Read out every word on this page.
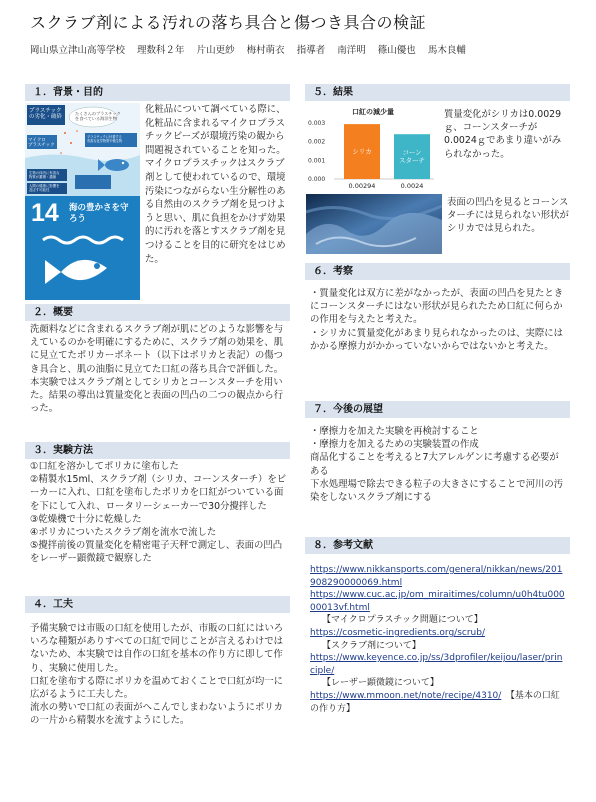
スクラブ剤による汚れの落ち具合と傷つき具合の検証
岡山県立津山高等学校 理数科２年 片山更紗 梅村萌衣 指導者 南洋明 篠山優也 馬木良輔
１．背景・目的
プラスチックの劣化・破砕
たくさんのプラスチックを食べている海洋生物
マイクロプラスチック
プラスチックに付着する有害な化学物質や微生物
生物の体内に有害な物質が蓄積・濃縮
人間の健康に影響を及ぼす可能性
14 海の豊かさを守ろう
化粧品について調べている際に、化粧品に含まれるマイクロプラスチックビーズが環境汚染の観から問題視されていることを知った。マイクロプラスチックはスクラブ剤として使われているので、環境汚染につながらない生分解性のある自然由のスクラブ剤を見つけようと思い、肌に負担をかけず効果的に汚れを落とすスクラブ剤を見つけることを目的に研究をはじめた。
２．概要
洗顔料などに含まれるスクラブ剤が肌にどのような影響を与えているのかを明確にするために、スクラブ剤の効果を、肌に見立てたポリカーボネート（以下はポリカと表記）の傷つき具合と、肌の油脂に見立てた口紅の落ち具合で評価した。本実験ではスクラブ剤としてシリカとコーンスターチを用いた。結果の導出は質量変化と表面の凹凸の二つの観点から行った。
３．実験方法

①口紅を溶かしてポリカに塗布した

②精製水15ml、スクラブ剤（シリカ、コーンスターチ）をビーカーに入れ、口紅を塗布したポリカを口紅がついている面を下にして入れ、ロータリーシェーカーで30分攪拌した

③乾燥機で十分に乾燥した

④ポリカについたスクラブ剤を流水で流した

⑤攪拌前後の質量変化を精密電子天秤で測定し、表面の凹凸をレーザー顕微鏡で観察した

４．工夫

予備実験では市販の口紅を使用したが、市販の口紅にはいろいろな種類がありすべての口紅で同じことが言えるわけではないため、本実験では自作の口紅を基本の作り方に即して作り、実験に使用した。

口紅を塗布する際にポリカを温めておくことで口紅が均一に広がるように工夫した。

流水の勢いで口紅の表面がへこんでしまわないようにポリカの一片から精製水を流すようにした。

５．結果
口紅の減少量
0.003
0.002
0.001
0.000
シリカ
0.00294
コーンスターチ
0.0024
質量変化がシリカは0.0029ｇ、コーンスターチが0.0024ｇであまり違いがみられなかった。
表面の凹凸を見るとコーンスターチには見られない形状がシリカでは見られた。
６．考察
・質量変化は双方に差がなかったが、表面の凹凸を見たときにコーンスターチにはない形状が見られたため口紅に何らかの作用を与えたと考えた。
・シリカに質量変化があまり見られなかったのは、実際にはかかる摩擦力がかかっていないからではないかと考えた。
７．今後の展望
・摩擦力を加えた実験を再検討すること
・摩擦力を加えるための実験装置の作成
商品化することを考えると7大アレルゲンに考慮する必要がある
下水処理場で除去できる粒子の大きさにすることで河川の汚染をしないスクラブ剤にする
８．参考文献

https://www.nikkansports.com/general/nikkan/news/201908290000069.html

https://www.cuc.ac.jp/om_miraitimes/column/u0h4tu00000013vf.html

【マイクロプラスチック問題について】

https://cosmetic-ingredients.org/scrub/

【スクラブ剤について】

https://www.keyence.co.jp/ss/3dprofiler/keijou/laser/principle/

【レーザー顕微鏡について】

https://www.mmoon.net/note/recipe/4310/　 【基本の口紅の作り方】
